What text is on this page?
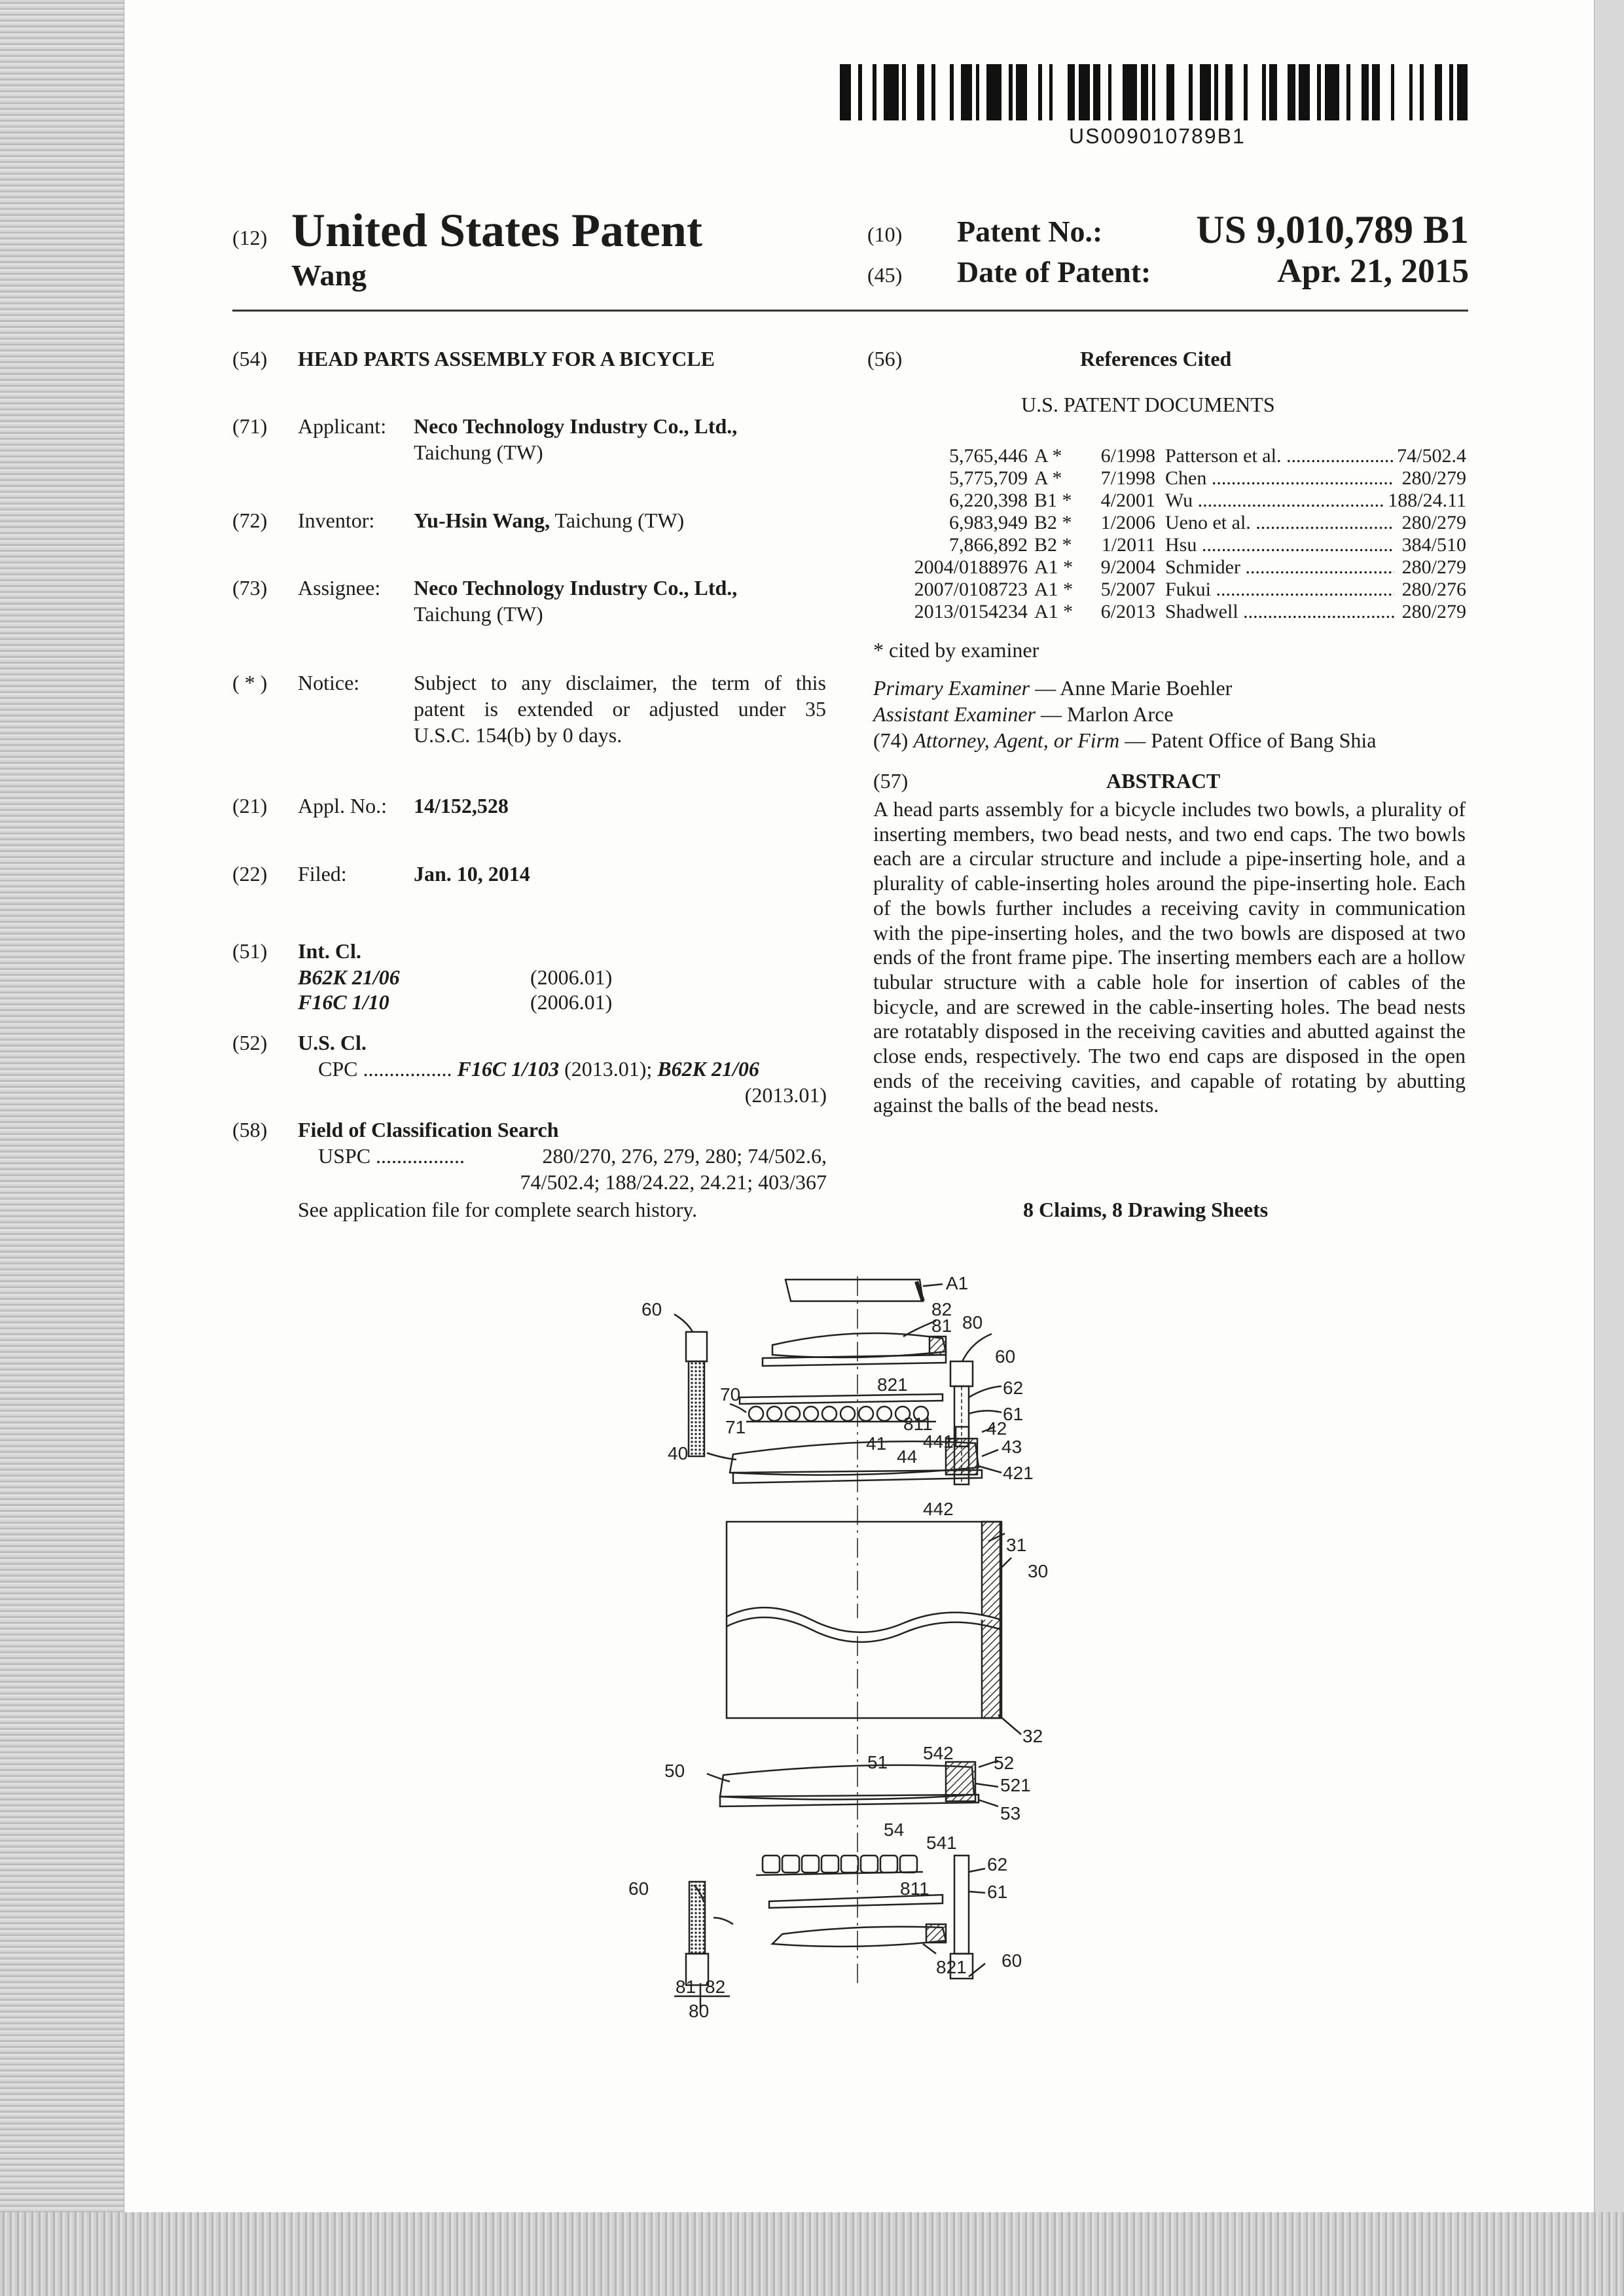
US009010789B1
(12) United States Patent
Wang
(10) Patent No.: US 9,010,789 B1
(45) Date of Patent:	Apr. 21, 2015
(54) HEAD PARTS ASSEMBLY FOR A BICYCLE
(71) Applicant: Neco Technology Industry Co., Ltd.,
Taichung (TW)
(72) Inventor: Yu-Hsin Wang, Taichung (TW)
(73) Assignee: Neco Technology Industry Co., Ltd.,
Taichung (TW)
( * ) Notice:	Subject to any disclaimer, the term of this
patent is extended or adjusted under 35
U.S.C. 154(b) by 0 days.
(21) Appl. No.: 14/152,528
(22) Filed:	Jan. 10, 2014
(51) Int. Cl.
B62K 21/06	(2006.01)
F16C 1/10	(2006.01)
(52) U.S. Cl.
CPC ................. F16C 1/103 (2013.01); B62K 21/06
(2013.01)
(58) Field of Classification Search
USPC .................	280/270, 276, 279, 280; 74/502.6,
74/502.4; 188/24.22, 24.21; 403/367
See application file for complete search history.
(56)	References Cited
U.S. PATENT DOCUMENTS
5,765,446 A *	6/1998 Patterson et al. .....	74/502.4
5,775,709 A *	7/1998 Chen .....	280/279
6,220,398 B1 *	4/2001 Wu .....	188/24.11
6,983,949 B2 *	1/2006 Ueno et al. .....	280/279
7,866,892 B2 *	1/2011 Hsu .....	384/510
2004/0188976 A1 *	9/2004 Schmider .....	280/279
2007/0108723 A1 *	5/2007 Fukui .....	280/276
2013/0154234 A1 *	6/2013 Shadwell .....	280/279
* cited by examiner
Primary Examiner — Anne Marie Boehler
Assistant Examiner — Marlon Arce
(74) Attorney, Agent, or Firm — Patent Office of Bang Shia
(57)	ABSTRACT
A head parts assembly for a bicycle includes two bowls, a plurality of inserting members, two bead nests, and two end caps. The two bowls each are a circular structure and include a pipe-inserting hole, and a plurality of cable-inserting holes around the pipe-inserting hole. Each of the bowls further includes a receiving cavity in communication with the pipe-inserting holes, and the two bowls are disposed at two ends of the front frame pipe. The inserting members each are a hollow tubular structure with a cable hole for insertion of cables of the bicycle, and are screwed in the cable-inserting holes. The bead nests are rotatably disposed in the receiving cavities and abutted against the close ends, respectively. The two end caps are disposed in the open ends of the receiving cavities, and capable of rotating by abutting against the balls of the bead nests.
8 Claims, 8 Drawing Sheets
A1
82
81 80
60
60
821	62
61
811
70
71
41 441
42
44	43
40
421
442
31
30
32
542
51	52
50
521
54
541
53
60
62
811	61
60
821
81 82
80
